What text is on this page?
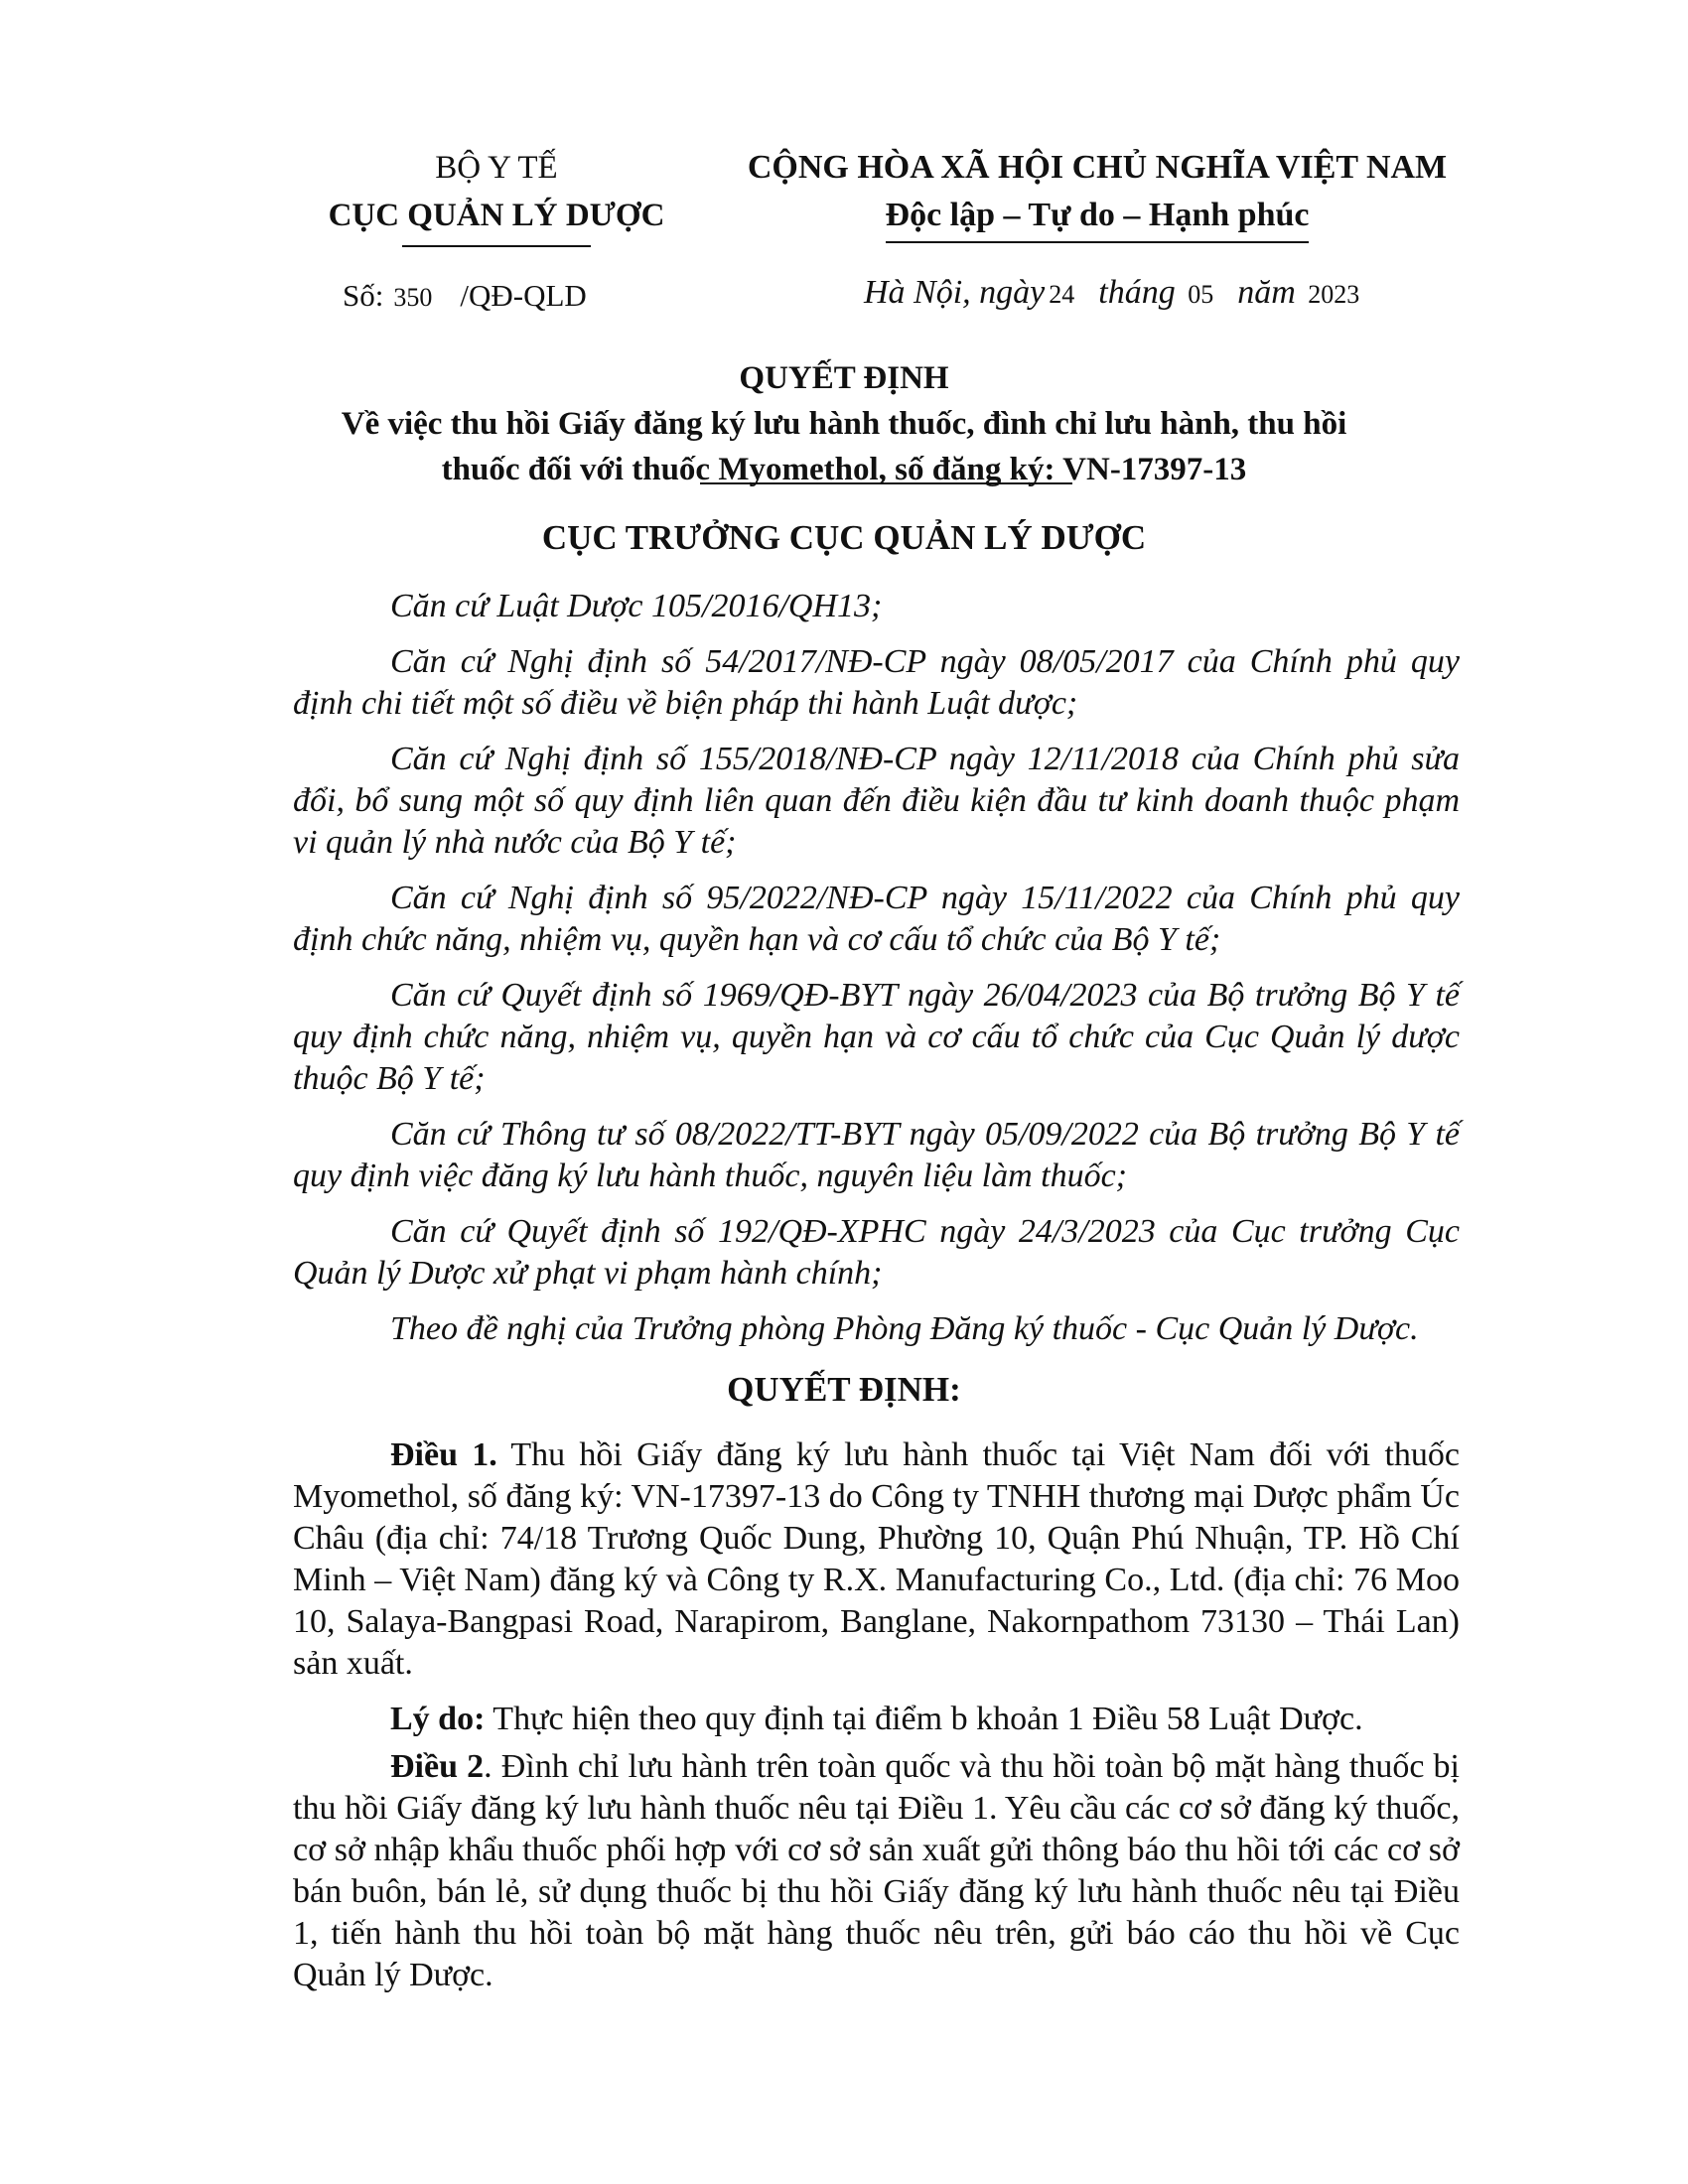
BỘ Y TẾ
CỤC QUẢN LÝ DƯỢC
CỘNG HÒA XÃ HỘI CHỦ NGHĨA VIỆT NAM
Độc lập – Tự do – Hạnh phúc
Số: 350 /QĐ-QLD	Hà Nội, ngày 24 tháng 05 năm 2023
QUYẾT ĐỊNH
Về việc thu hồi Giấy đăng ký lưu hành thuốc, đình chỉ lưu hành, thu hồi
thuốc đối với thuốc Myomethol, số đăng ký: VN-17397-13
CỤC TRƯỞNG CỤC QUẢN LÝ DƯỢC

Căn cứ Luật Dược 105/2016/QH13;

Căn cứ Nghị định số 54/2017/NĐ-CP ngày 08/05/2017 của Chính phủ quy định chi tiết một số điều về biện pháp thi hành Luật dược;

Căn cứ Nghị định số 155/2018/NĐ-CP ngày 12/11/2018 của Chính phủ sửa đổi, bổ sung một số quy định liên quan đến điều kiện đầu tư kinh doanh thuộc phạm vi quản lý nhà nước của Bộ Y tế;

Căn cứ Nghị định số 95/2022/NĐ-CP ngày 15/11/2022 của Chính phủ quy định chức năng, nhiệm vụ, quyền hạn và cơ cấu tổ chức của Bộ Y tế;

Căn cứ Quyết định số 1969/QĐ-BYT ngày 26/04/2023 của Bộ trưởng Bộ Y tế quy định chức năng, nhiệm vụ, quyền hạn và cơ cấu tổ chức của Cục Quản lý dược thuộc Bộ Y tế;

Căn cứ Thông tư số 08/2022/TT-BYT ngày 05/09/2022 của Bộ trưởng Bộ Y tế quy định việc đăng ký lưu hành thuốc, nguyên liệu làm thuốc;

Căn cứ Quyết định số 192/QĐ-XPHC ngày 24/3/2023 của Cục trưởng Cục Quản lý Dược xử phạt vi phạm hành chính;

Theo đề nghị của Trưởng phòng Phòng Đăng ký thuốc - Cục Quản lý Dược.

QUYẾT ĐỊNH:

Điều 1. Thu hồi Giấy đăng ký lưu hành thuốc tại Việt Nam đối với thuốc Myomethol, số đăng ký: VN-17397-13 do Công ty TNHH thương mại Dược phẩm Úc Châu (địa chỉ: 74/18 Trương Quốc Dung, Phường 10, Quận Phú Nhuận, TP. Hồ Chí Minh – Việt Nam) đăng ký và Công ty R.X. Manufacturing Co., Ltd. (địa chỉ: 76 Moo 10, Salaya-Bangpasi Road, Narapirom, Banglane, Nakornpathom 73130 – Thái Lan) sản xuất.

Lý do: Thực hiện theo quy định tại điểm b khoản 1 Điều 58 Luật Dược.

Điều 2. Đình chỉ lưu hành trên toàn quốc và thu hồi toàn bộ mặt hàng thuốc bị thu hồi Giấy đăng ký lưu hành thuốc nêu tại Điều 1. Yêu cầu các cơ sở đăng ký thuốc, cơ sở nhập khẩu thuốc phối hợp với cơ sở sản xuất gửi thông báo thu hồi tới các cơ sở bán buôn, bán lẻ, sử dụng thuốc bị thu hồi Giấy đăng ký lưu hành thuốc nêu tại Điều 1, tiến hành thu hồi toàn bộ mặt hàng thuốc nêu trên, gửi báo cáo thu hồi về Cục Quản lý Dược.
